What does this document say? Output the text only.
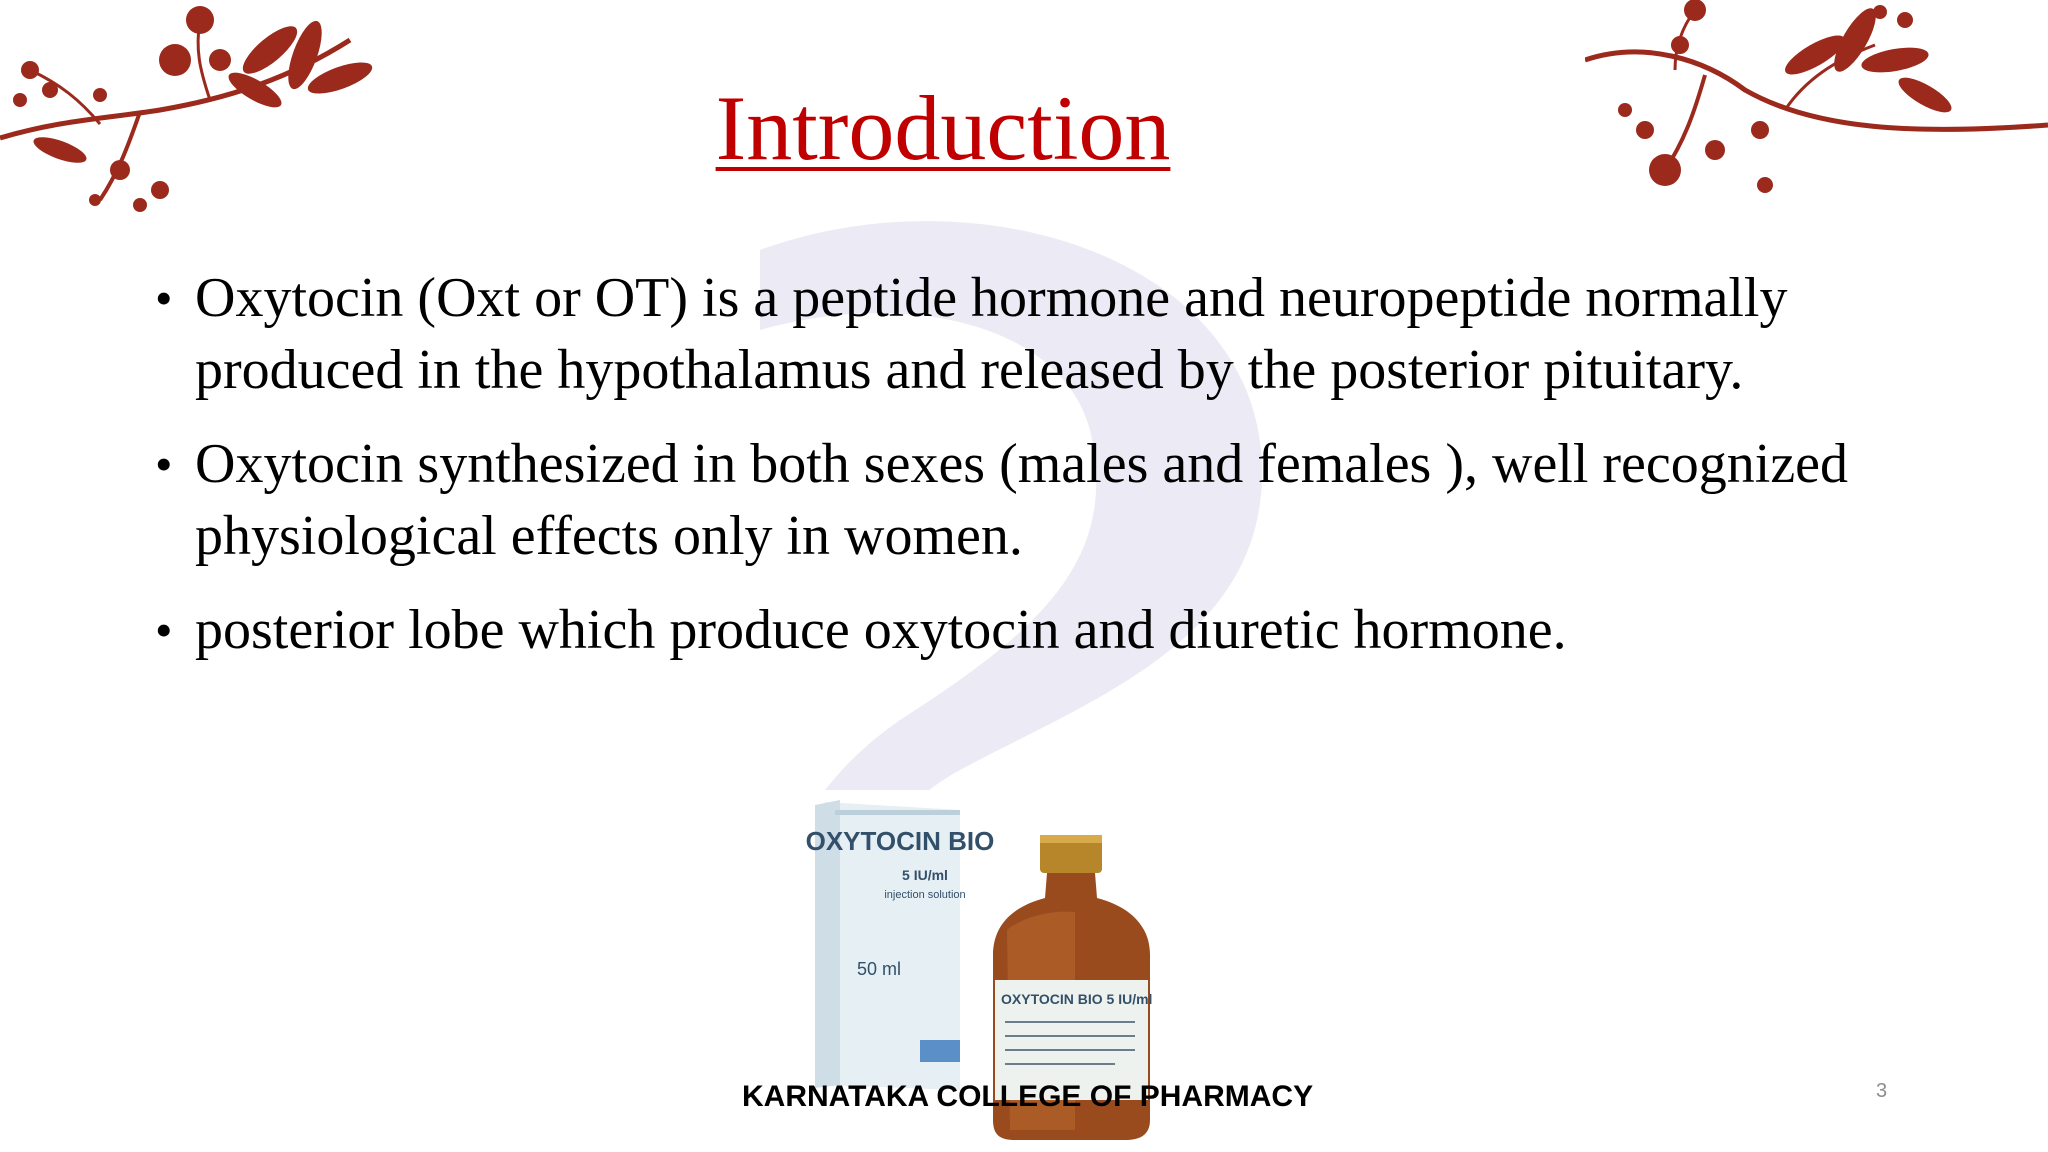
Introduction
• Oxytocin (Oxt or OT) is a peptide hormone and neuropeptide normally produced in the hypothalamus and released by the posterior pituitary.
• Oxytocin synthesized in both sexes (males and females ), well recognized physiological effects only in women.
• posterior lobe which produce oxytocin and diuretic hormone.
OXYTOCIN BIO
5 IU/ml
injection solution
50 ml
OXYTOCIN BIO 5 IU/ml
KARNATAKA COLLEGE OF PHARMACY	3
